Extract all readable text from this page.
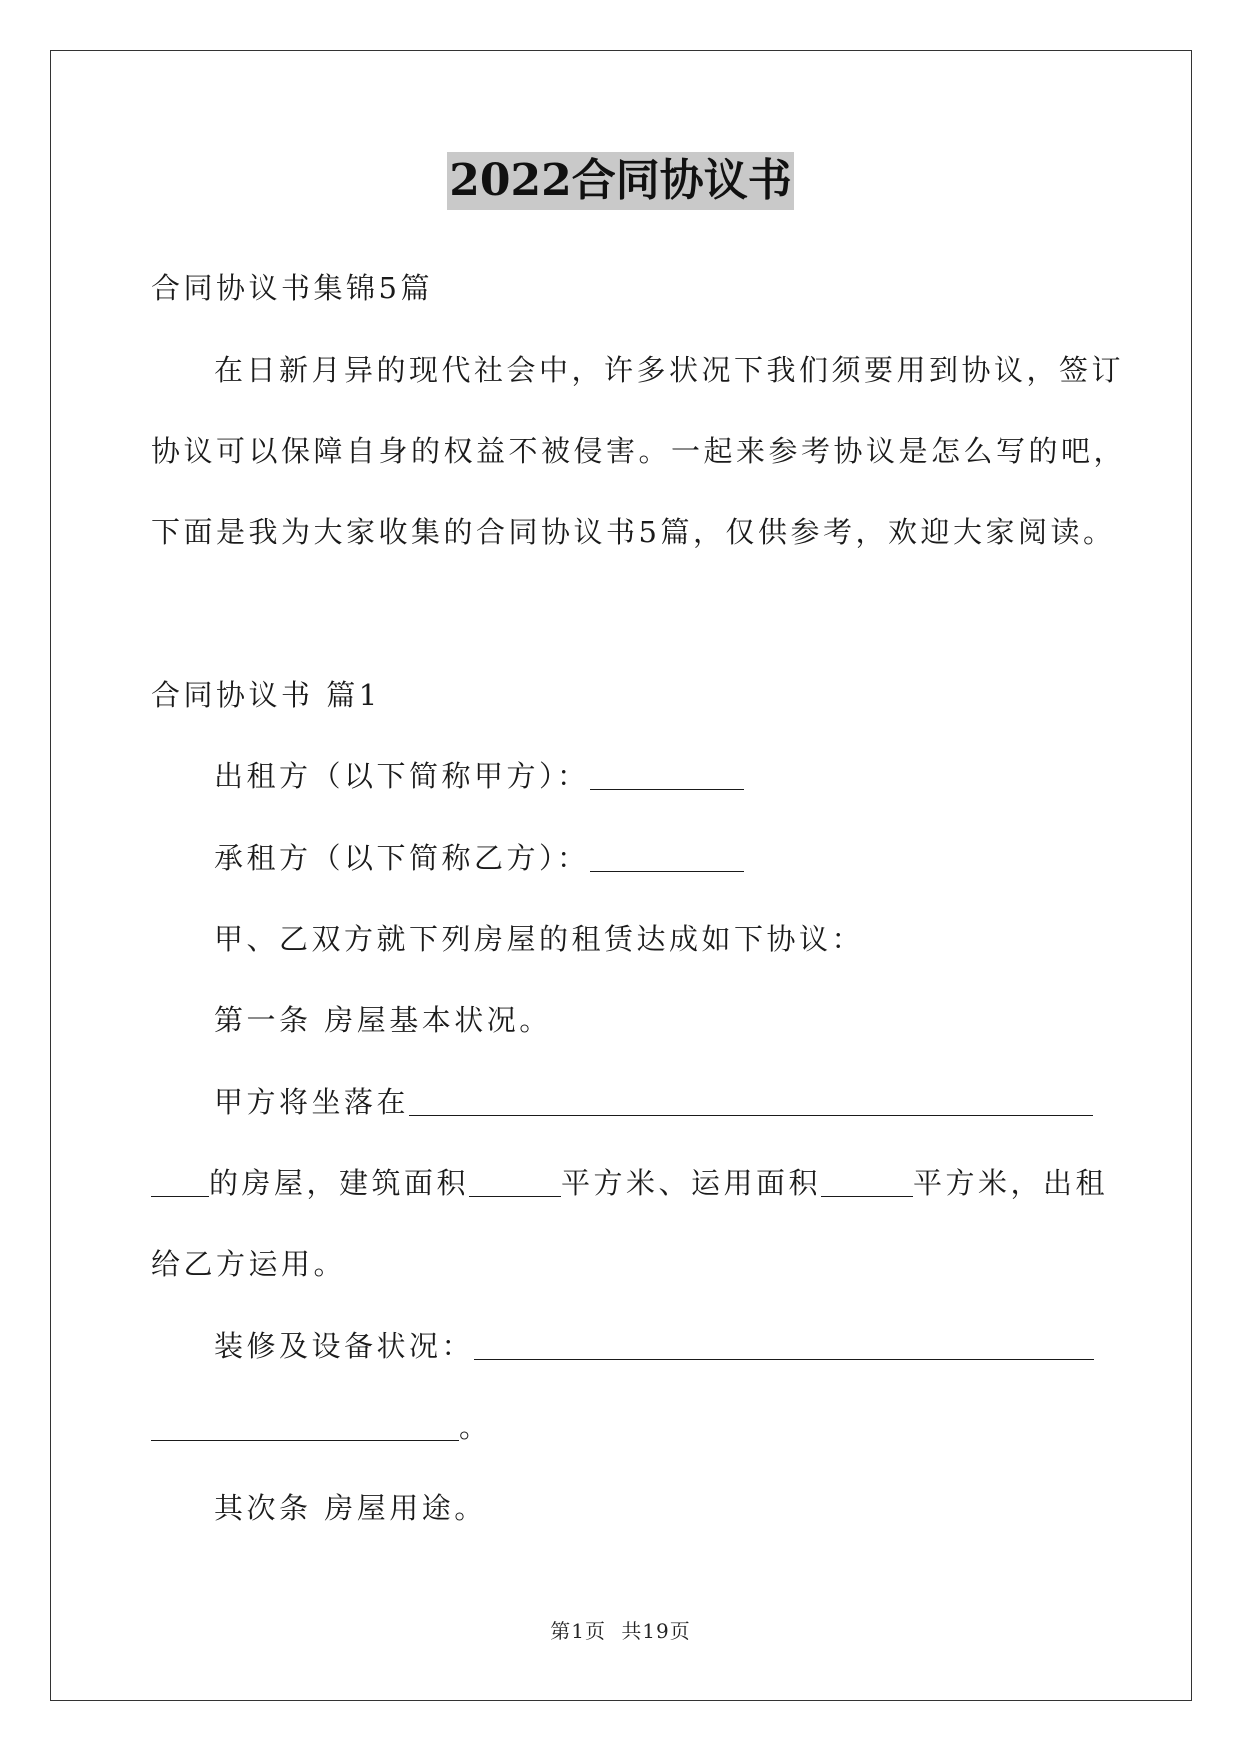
2022合同协议书
合同协议书集锦5篇
在日新月异的现代社会中，许多状况下我们须要用到协议，签订
协议可以保障自身的权益不被侵害。一起来参考协议是怎么写的吧，
下面是我为大家收集的合同协议书5篇，仅供参考，欢迎大家阅读。
合同协议书 篇1
出租方（以下简称甲方）：
承租方（以下简称乙方）：
甲、乙双方就下列房屋的租赁达成如下协议：
第一条 房屋基本状况。
甲方将坐落在
的房屋，建筑面积	平方米、运用面积	平方米，出租
给乙方运用。
装修及设备状况：
。
其次条 房屋用途。
第1页 共19页
